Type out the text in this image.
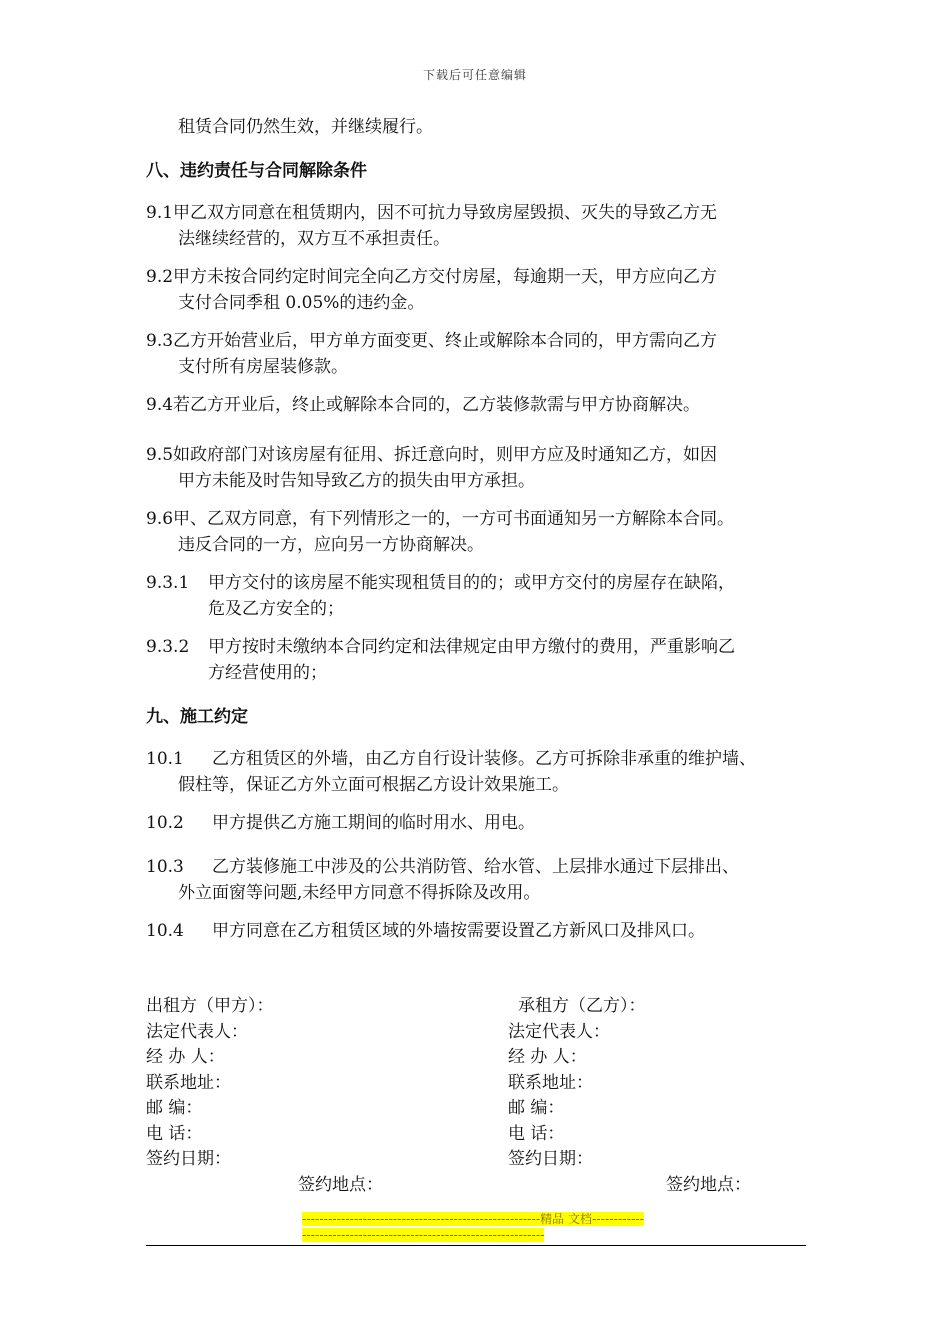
下载后可任意编辑
租赁合同仍然生效，并继续履行。
八、违约责任与合同解除条件
9.1甲乙双方同意在租赁期内，因不可抗力导致房屋毁损、灭失的导致乙方无
法继续经营的，双方互不承担责任。
9.2甲方未按合同约定时间完全向乙方交付房屋，每逾期一天，甲方应向乙方
支付合同季租 0.05%的违约金。
9.3乙方开始营业后，甲方单方面变更、终止或解除本合同的，甲方需向乙方
支付所有房屋装修款。
9.4若乙方开业后，终止或解除本合同的，乙方装修款需与甲方协商解决。
9.5如政府部门对该房屋有征用、拆迁意向时，则甲方应及时通知乙方，如因
甲方未能及时告知导致乙方的损失由甲方承担。
9.6甲、乙双方同意，有下列情形之一的，一方可书面通知另一方解除本合同。
违反合同的一方，应向另一方协商解决。
9.3.1 甲方交付的该房屋不能实现租赁目的的；或甲方交付的房屋存在缺陷，
危及乙方安全的；
9.3.2 甲方按时未缴纳本合同约定和法律规定由甲方缴付的费用，严重影响乙
方经营使用的；
九、施工约定
10.1 乙方租赁区的外墙，由乙方自行设计装修。乙方可拆除非承重的维护墙、
假柱等，保证乙方外立面可根据乙方设计效果施工。
10.2 甲方提供乙方施工期间的临时用水、用电。
10.3 乙方装修施工中涉及的公共消防管、给水管、上层排水通过下层排出、
外立面窗等问题,未经甲方同意不得拆除及改用。
10.4 甲方同意在乙方租赁区域的外墙按需要设置乙方新风口及排风口。
出租方（甲方）：
法定代表人：
经 办 人：
联系地址：
邮 编：
电 话：
签约日期：
承租方（乙方）：
法定代表人：
经 办 人：
联系地址：
邮 编：
电 话：
签约日期：
签约地点：	签约地点：
-------------------------------------------------------精品 文档--------------------------------------------------------------------
